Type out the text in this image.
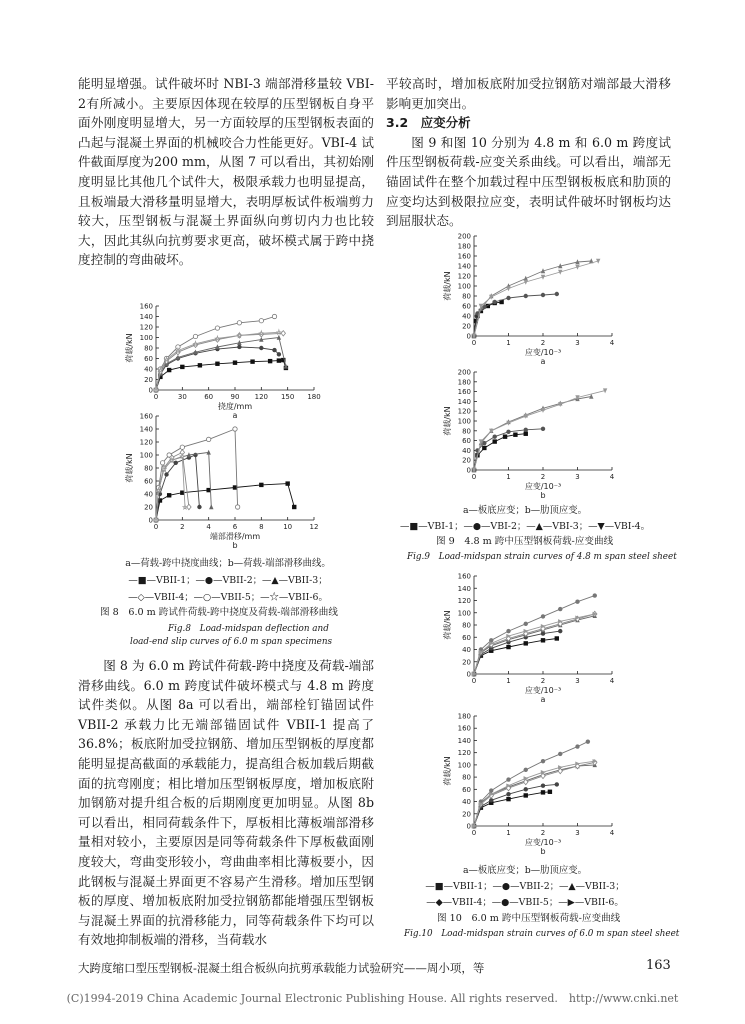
能明显增强。试件破坏时 NBI-3 端部滑移量较 VBI-2有所减小。主要原因体现在较厚的压型钢板自身平面外刚度明显增大，另一方面较厚的压型钢板表面的凸起与混凝土界面的机械咬合力性能更好。VBI-4 试件截面厚度为200 mm，从图 7 可以看出，其初始刚度明显比其他几个试件大，极限承载力也明显提高，且板端最大滑移量明显增大，表明厚板试件板端剪力较大，压型钢板与混凝土界面纵向剪切内力也比较大，因此其纵向抗剪要求更高，破坏模式属于跨中挠度控制的弯曲破坏。

0
20
40
60
80
100
120
140
160
0	30 60 90 120 150 180
荷载/kN
挠度/mm
a
0
20
40
60
80
100
120
140
160
0	2	4	6	8	10 12
荷载/kN
端部滑移/mm
b
a—荷载-跨中挠度曲线；b—荷载-端部滑移曲线。
—■—VBII-1；—●—VBII-2；—▲—VBII-3；
—◇—VBII-4；—○—VBII-5；—☆—VBII-6。
图 8　6.0 m 跨试件荷载-跨中挠度及荷载-端部滑移曲线
Fig.8　Load-midspan deflection and
load-end slip curves of 6.0 m span specimens

图 8 为 6.0 m 跨试件荷载-跨中挠度及荷载-端部滑移曲线。6.0 m 跨度试件破坏模式与 4.8 m 跨度试件类似。从图 8a 可以看出，端部栓钉锚固试件 VBII-2 承载力比无端部锚固试件 VBII-1 提高了 36.8%；板底附加受拉钢筋、增加压型钢板的厚度都能明显提高截面的承载能力，提高组合板加载后期截面的抗弯刚度；相比增加压型钢板厚度，增加板底附加钢筋对提升组合板的后期刚度更加明显。从图 8b 可以看出，相同荷载条件下，厚板相比薄板端部滑移量相对较小，主要原因是同等荷载条件下厚板截面刚度较大，弯曲变形较小，弯曲曲率相比薄板要小，因此钢板与混凝土界面更不容易产生滑移。增加压型钢板的厚度、增加板底附加受拉钢筋都能增强压型钢板与混凝土界面的抗滑移能力，同等荷载条件下均可以有效地抑制板端的滑移，当荷载水

平较高时，增加板底附加受拉钢筋对端部最大滑移影响更加突出。

3.2　应变分析

图 9 和图 10 分别为 4.8 m 和 6.0 m 跨度试件压型钢板荷载-应变关系曲线。可以看出，端部无锚固试件在整个加载过程中压型钢板板底和肋顶的应变均达到极限拉应变，表明试件破坏时钢板均达到屈服状态。

0
20
40
60
80
100
120
140
160
180
200
0	1	2	3	4
荷载/kN
应变/10⁻³
a
0
20
40
60
80
100
120
140
160
180
200
0	1	2	3	4
荷载/kN
应变/10⁻³
b
a—板底应变；b—肋顶应变。
—■—VBI-1；—●—VBI-2；—▲—VBI-3；—▼—VBI-4。
图 9　4.8 m 跨中压型钢板荷载-应变曲线
Fig.9　Load-midspan strain curves of 4.8 m span steel sheet
0
20
40
60
80
100
120
140
160
0	1	2	3	4
荷载/kN
应变/10⁻³
a
0
20
40
60
80
100
120
140
160
180
0	1	2	3	4
荷载/kN
应变/10⁻³
b
a—板底应变；b—肋顶应变。
—■—VBII-1；—●—VBII-2；—▲—VBII-3；
—◆—VBII-4；—●—VBII-5；—▶—VBII-6。
图 10　6.0 m 跨中压型钢板荷载-应变曲线
Fig.10　Load-midspan strain curves of 6.0 m span steel sheet
大跨度缩口型压型钢板-混凝土组合板纵向抗剪承载能力试验研究——周小项，等	163
(C)1994-2019 China Academic Journal Electronic Publishing House. All rights reserved.　http://www.cnki.net
